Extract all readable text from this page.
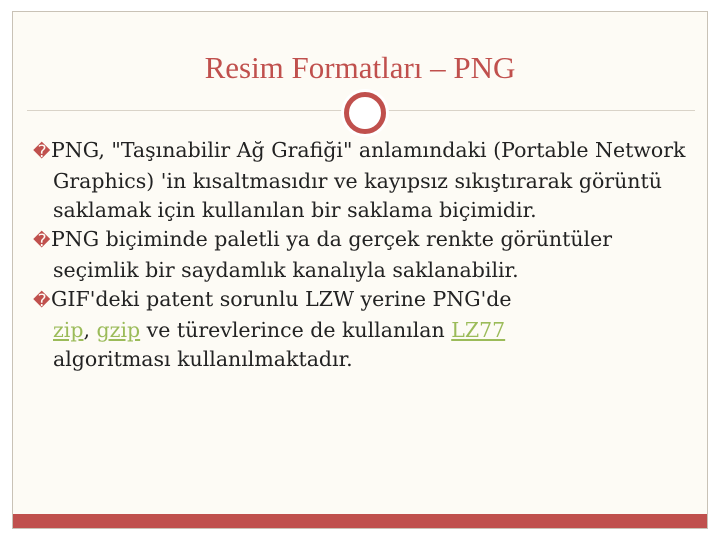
Resim Formatları – PNG

�PNG, "Taşınabilir Ağ Grafiği" anlamındaki (Portable Network Graphics) 'in kısaltmasıdır ve kayıpsız sıkıştırarak görüntü saklamak için kullanılan bir saklama biçimidir.

�PNG biçiminde paletli ya da gerçek renkte görüntüler seçimlik bir saydamlık kanalıyla saklanabilir.

�GIF'deki patent sorunlu LZW yerine PNG'de zip, gzip ve türevlerince de kullanılan LZ77 algoritması kullanılmaktadır.
